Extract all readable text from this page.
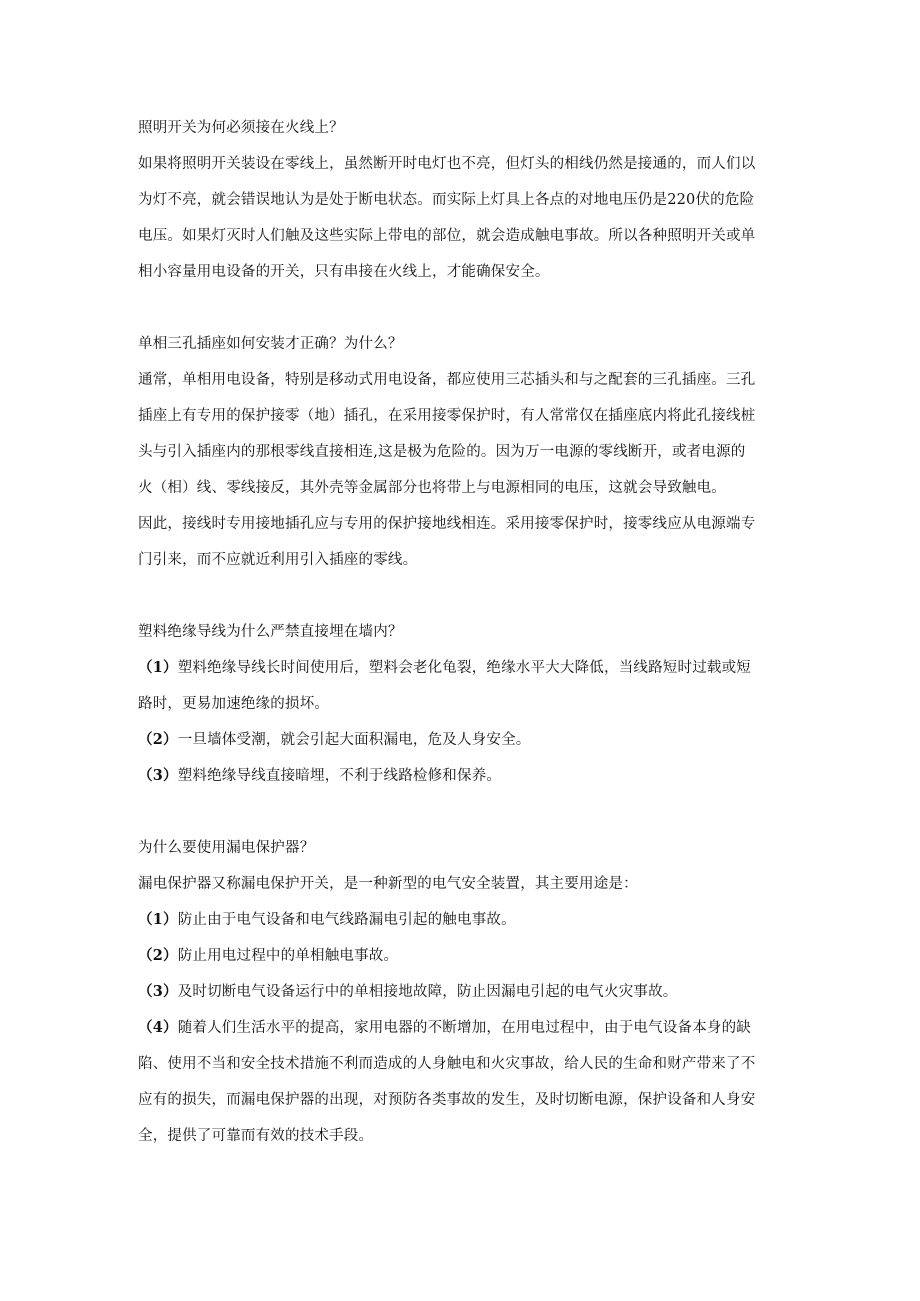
照明开关为何必须接在火线上？

如果将照明开关装设在零线上，虽然断开时电灯也不亮，但灯头的相线仍然是接通的，而人们以

为灯不亮，就会错误地认为是处于断电状态。而实际上灯具上各点的对地电压仍是220伏的危险

电压。如果灯灭时人们触及这些实际上带电的部位，就会造成触电事故。所以各种照明开关或单

相小容量用电设备的开关，只有串接在火线上，才能确保安全。

单相三孔插座如何安装才正确？为什么？

通常，单相用电设备，特别是移动式用电设备，都应使用三芯插头和与之配套的三孔插座。三孔

插座上有专用的保护接零（地）插孔，在采用接零保护时，有人常常仅在插座底内将此孔接线桩

头与引入插座内的那根零线直接相连,这是极为危险的。因为万一电源的零线断开，或者电源的

火（相）线、零线接反，其外壳等金属部分也将带上与电源相同的电压，这就会导致触电。

因此，接线时专用接地插孔应与专用的保护接地线相连。采用接零保护时，接零线应从电源端专

门引来，而不应就近利用引入插座的零线。

塑料绝缘导线为什么严禁直接埋在墙内？

（1）塑料绝缘导线长时间使用后，塑料会老化龟裂，绝缘水平大大降低，当线路短时过载或短

路时，更易加速绝缘的损坏。

（2）一旦墙体受潮，就会引起大面积漏电，危及人身安全。

（3）塑料绝缘导线直接暗埋，不利于线路检修和保养。

为什么要使用漏电保护器？

漏电保护器又称漏电保护开关，是一种新型的电气安全装置，其主要用途是：

（1）防止由于电气设备和电气线路漏电引起的触电事故。

（2）防止用电过程中的单相触电事故。

（3）及时切断电气设备运行中的单相接地故障，防止因漏电引起的电气火灾事故。

（4）随着人们生活水平的提高，家用电器的不断增加，在用电过程中，由于电气设备本身的缺

陷、使用不当和安全技术措施不利而造成的人身触电和火灾事故，给人民的生命和财产带来了不

应有的损失，而漏电保护器的出现，对预防各类事故的发生，及时切断电源，保护设备和人身安

全，提供了可靠而有效的技术手段。
